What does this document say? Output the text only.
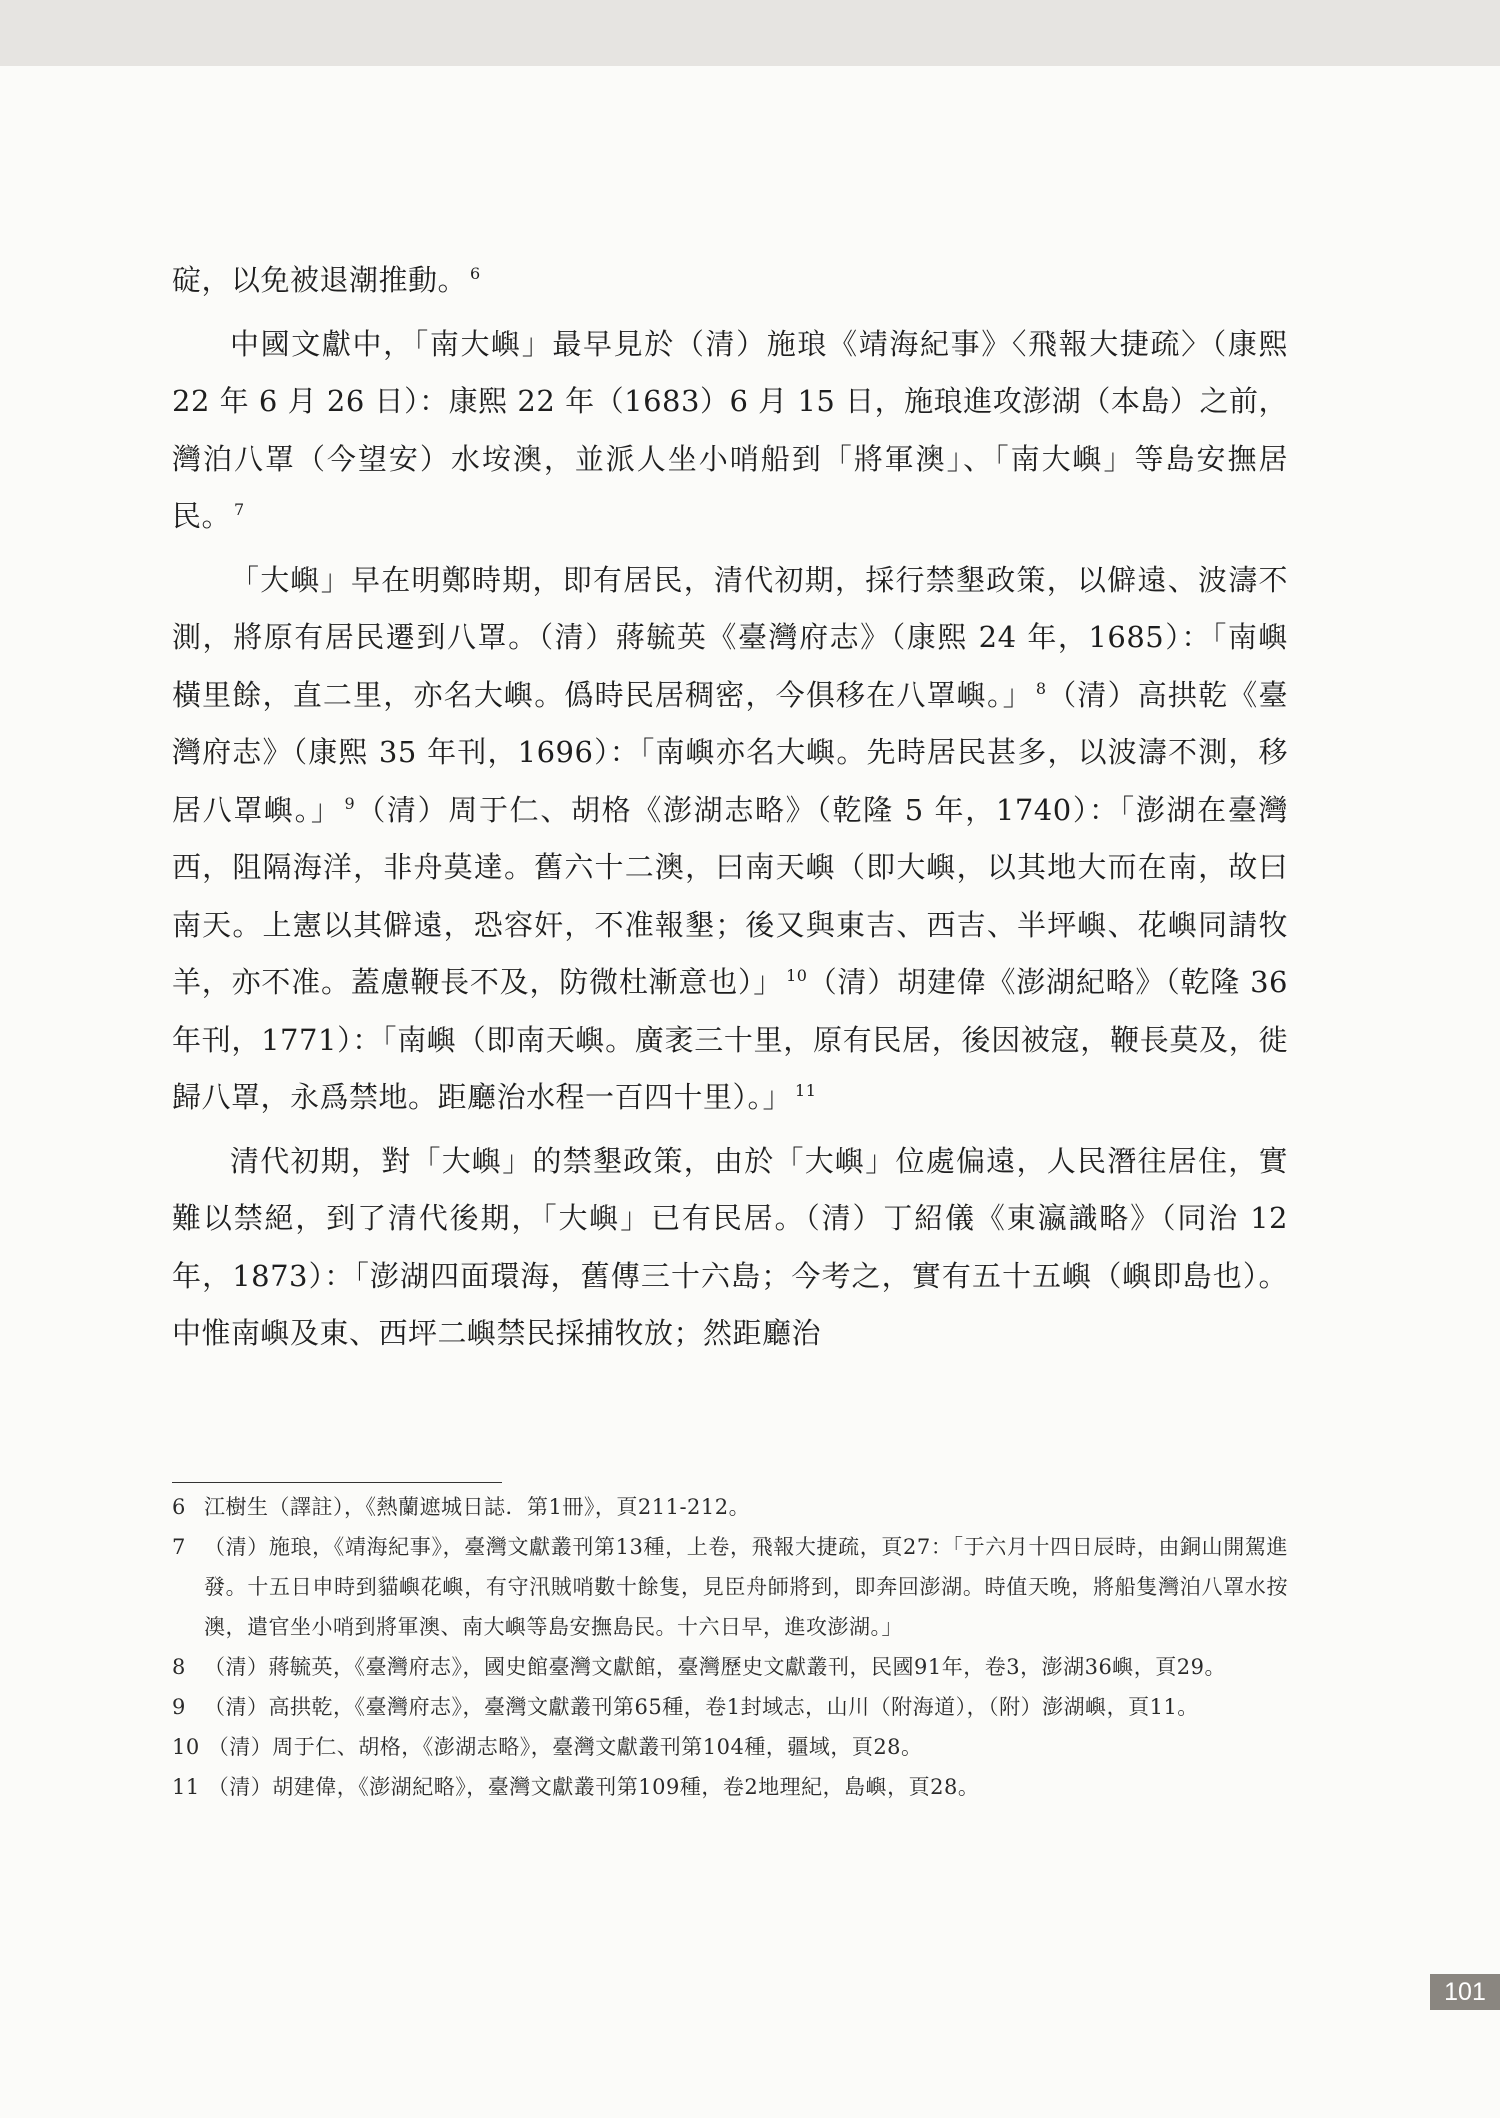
碇，以免被退潮推動。 $^6$

中國文獻中，「南大嶼」最早見於（清）施琅《靖海紀事》〈飛報大捷疏〉（康熙 22 年 6 月 26 日）：康熙 22 年（1683）6 月 15 日，施琅進攻澎湖（本島）之前，灣泊八罩（今望安）水垵澳，並派人坐小哨船到「將軍澳」、「南大嶼」等島安撫居民。 $^7$

「大嶼」早在明鄭時期，即有居民，清代初期，採行禁墾政策，以僻遠、波濤不測，將原有居民遷到八罩。（清）蔣毓英《臺灣府志》（康熙 24 年，1685）：「南嶼　橫里餘，直二里，亦名大嶼。僞時民居稠密，今俱移在八罩嶼。」 $^8$（清）高拱乾《臺灣府志》（康熙 35 年刊，1696）：「南嶼亦名大嶼。先時居民甚多，以波濤不測，移居八罩嶼。」 $^9$（清）周于仁、胡格《澎湖志略》（乾隆 5 年，1740）：「澎湖在臺灣西，阻隔海洋，非舟莫達。舊六十二澳，曰南天嶼（即大嶼，以其地大而在南，故曰南天。上憲以其僻遠，恐容奸，不准報墾；後又與東吉、西吉、半坪嶼、花嶼同請牧羊，亦不准。蓋慮鞭長不及，防微杜漸意也）」 $^{10}$（清）胡建偉《澎湖紀略》（乾隆 36 年刊，1771）：「南嶼（即南天嶼。廣袤三十里，原有民居，後因被寇，鞭長莫及，徙歸八罩，永爲禁地。距廳治水程一百四十里）。」 $^{11}$

清代初期，對「大嶼」的禁墾政策，由於「大嶼」位處偏遠，人民潛往居住，實難以禁絕，到了清代後期，「大嶼」已有民居。（清）丁紹儀《東瀛識略》（同治 12 年，1873）：「澎湖四面環海，舊傳三十六島；今考之，實有五十五嶼（嶼即島也）。中惟南嶼及東、西坪二嶼禁民採捕牧放；然距廳治

6 江樹生（譯註），《熱蘭遮城日誌．第1冊》，頁211-212。
7 （清）施琅，《靖海紀事》，臺灣文獻叢刊第13種，上卷，飛報大捷疏，頁27：「于六月十四日辰時，由銅山開駕進發。十五日申時到貓嶼花嶼，有守汛賊哨數十餘隻，見臣舟師將到，即奔回澎湖。時值天晚，將船隻灣泊八罩水按澳，遣官坐小哨到將軍澳、南大嶼等島安撫島民。十六日早，進攻澎湖。」
8 （清）蔣毓英，《臺灣府志》，國史館臺灣文獻館，臺灣歷史文獻叢刊，民國91年，卷3，澎湖36嶼，頁29。
9 （清）高拱乾，《臺灣府志》，臺灣文獻叢刊第65種，卷1封域志，山川（附海道），（附）澎湖嶼，頁11。
10 （清）周于仁、胡格，《澎湖志略》，臺灣文獻叢刊第104種，疆域，頁28。
11 （清）胡建偉，《澎湖紀略》，臺灣文獻叢刊第109種，卷2地理紀，島嶼，頁28。
101
